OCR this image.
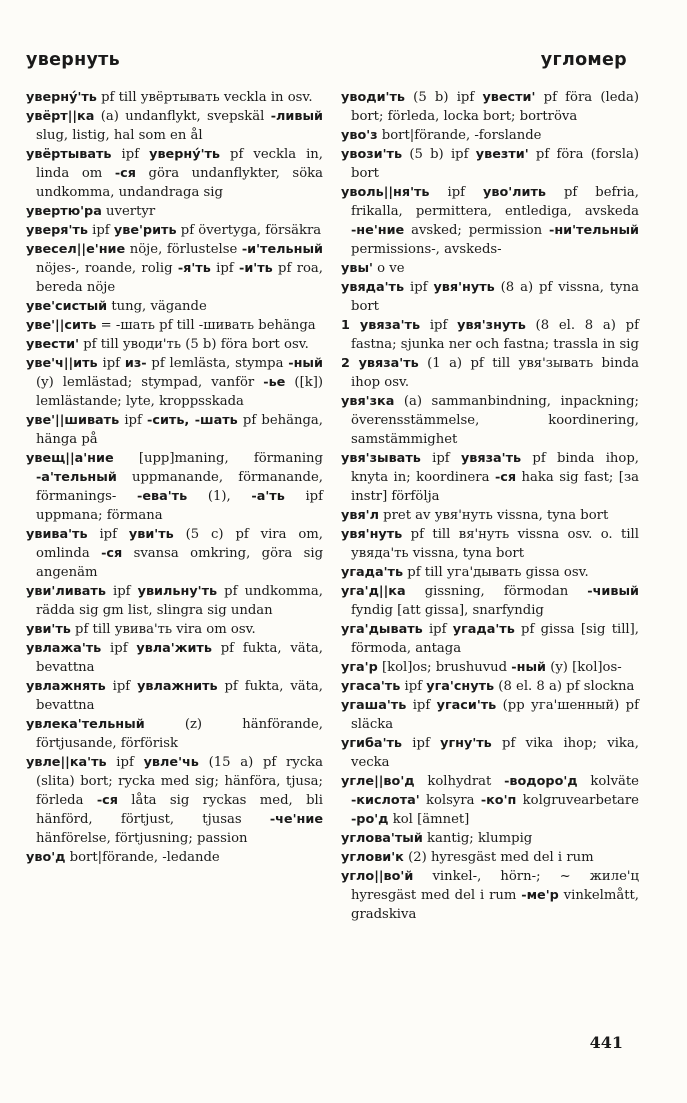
увернуть	угломер
увернý'ть pf till увёртывать veckla in osv.
увёрт||ка (a) undanflykt, svepskäl -ливый slug, listig, hal som en ål
увёртывать ipf увернý'ть pf veckla in, linda om -ся göra undanflykter, söka undkomma, undandraga sig
увертю'ра uvertyr
уверя'ть ipf уве'рить pf övertyga, försäkra
увесел||е'ние nöje, förlustelse -и'тельный nöjes-, roande, rolig -я'ть ipf -и'ть pf roa, bereda nöje
уве'систый tung, vägande
уве'||сить = -шать pf till -шивать behänga
увести' pf till уводи'ть (5 b) föra bort osv.
уве'ч||ить ipf из- pf lemlästa, stympa -ный (y) lemlästad; stympad, vanför -ье ([k]) lemlästande; lyte, kroppsskada
уве'||шивать ipf -сить, -шать pf behänga, hänga på
увещ||а'ние [upp]maning, förmaning -а'тельный uppmanande, förmanande, förmanings- -ева'ть (1), -а'ть ipf uppmana; förmana
увива'ть ipf уви'ть (5 c) pf vira om, omlinda -ся svansa omkring, göra sig angenäm
уви'ливать ipf увильну'ть pf undkomma, rädda sig gm list, slingra sig undan
уви'ть pf till увива'ть vira om osv.
увлажа'ть ipf увла'жить pf fukta, väta, bevattna
увлажнять ipf увлажнить pf fukta, väta, bevattna
увлека'тельный (z) hänförande, förtjusande, förförisk
увле||ка'ть ipf увле'чь (15 a) pf rycka (slita) bort; rycka med sig; hänföra, tjusa; förleda -ся låta sig ryckas med, bli hänförd, förtjust, tjusas -че'ние hänförelse, förtjusning; passion
уво'д bort|förande, -ledande
уводи'ть (5 b) ipf увести' pf föra (leda) bort; förleda, locka bort; bortröva
уво'з bort|förande, -forslande
увози'ть (5 b) ipf увезти' pf föra (forsla) bort
уволь||ня'ть ipf уво'лить pf befria, frikalla, permittera, entlediga, avskeda -не'ние avsked; permission -ни'тельный permissions-, avskeds-
увы' o ve
увяда'ть ipf увя'нуть (8 a) pf vissna, tyna bort
1 увяза'ть ipf увя'знуть (8 el. 8 a) pf fastna; sjunka ner och fastna; trassla in sig
2 увяза'ть (1 a) pf till увя'зывать binda ihop osv.
увя'зка (a) sammanbindning, inpackning; överensstämmelse, koordinering, samstämmighet
увя'зывать ipf увяза'ть pf binda ihop, knyta in; koordinera -ся haka sig fast; [за instr] förfölja
увя'л pret av увя'нуть vissna, tyna bort
увя'нуть pf till вя'нуть vissna osv. o. till увяда'ть vissna, tyna bort
угада'ть pf till уга'дывать gissa osv.
уга'д||ка gissning, förmodan -чивый fyndig [att gissa], snarfyndig
уга'дывать ipf угада'ть pf gissa [sig till], förmoda, antaga
уга'р [kol]os; brushuvud -ный (y) [kol]os-
угаса'ть ipf уга'снуть (8 el. 8 a) pf slockna
угаша'ть ipf угаси'ть (pp уга'шенный) pf släcka
угиба'ть ipf угну'ть pf vika ihop; vika, vecka
угле||во'д kolhydrat -водоро'д kolväte -кислота' kolsyra -ко'п kolgruvearbetare -ро'д kol [ämnet]
углова'тый kantig; klumpig
углови'к (2) hyresgäst med del i rum
угло||во'й vinkel-, hörn-; ~ жиле'ц hyresgäst med del i rum -ме'р vinkelmått, gradskiva
441
